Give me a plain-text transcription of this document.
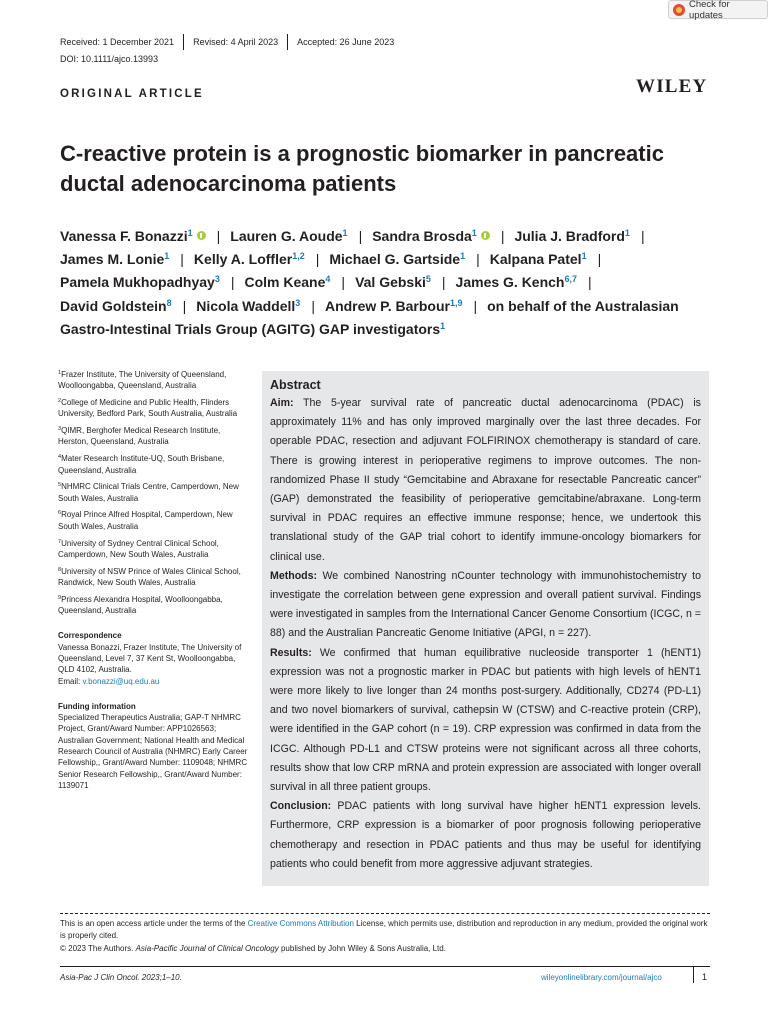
Check for updates
Received: 1 December 2021 Revised: 4 April 2023 Accepted: 26 June 2023
DOI: 10.1111/ajco.13993
ORIGINAL ARTICLE	WILEY
C-reactive protein is a prognostic biomarker in pancreatic ductal adenocarcinoma patients
Vanessa F. Bonazzi$^1$ | Lauren G. Aoude$^1$ | Sandra Brosda$^1$ | Julia J. Bradford$^1$ |
James M. Lonie$^1$ | Kelly A. Loffler$^{1,2}$ | Michael G. Gartside$^1$ | Kalpana Patel$^1$ |
Pamela Mukhopadhyay$^3$ | Colm Keane$^4$ | Val Gebski$^5$ | James G. Kench$^{6,7}$ |
David Goldstein$^8$ | Nicola Waddell$^3$ | Andrew P. Barbour$^{1,9}$ | on behalf of the Australasian Gastro-Intestinal Trials Group (AGITG) GAP investigators$^1$
$^1$Frazer Institute, The University of Queensland, Woolloongabba, Queensland, Australia
$^2$College of Medicine and Public Health, Flinders University, Bedford Park, South Australia, Australia
$^3$QIMR, Berghofer Medical Research Institute, Herston, Queensland, Australia
$^4$Mater Research Institute-UQ, South Brisbane, Queensland, Australia
$^5$NHMRC Clinical Trials Centre, Camperdown, New South Wales, Australia
$^6$Royal Prince Alfred Hospital, Camperdown, New South Wales, Australia
$^7$University of Sydney Central Clinical School, Camperdown, New South Wales, Australia
$^8$University of NSW Prince of Wales Clinical School, Randwick, New South Wales, Australia
$^9$Princess Alexandra Hospital, Woolloongabba, Queensland, Australia
Correspondence
Vanessa Bonazzi, Frazer Institute, The University of Queensland, Level 7, 37 Kent St, Woolloongabba, QLD 4102, Australia.
Email: v.bonazzi@uq.edu.au
Funding information
Specialized Therapeutics Australia; GAP-T NHMRC Project, Grant/Award Number: APP1026563; Australian Government; National Health and Medical Research Council of Australia (NHMRC) Early Career Fellowship,, Grant/Award Number: 1109048; NHMRC Senior Research Fellowship,, Grant/Award Number: 1139071
Abstract

Aim: The 5-year survival rate of pancreatic ductal adenocarcinoma (PDAC) is approximately 11% and has only improved marginally over the last three decades. For operable PDAC, resection and adjuvant FOLFIRINOX chemotherapy is standard of care. There is growing interest in perioperative regimens to improve outcomes. The non-randomized Phase II study “Gemcitabine and Abraxane for resectable Pancreatic cancer” (GAP) demonstrated the feasibility of perioperative gemcitabine/abraxane. Long-term survival in PDAC requires an effective immune response; hence, we undertook this translational study of the GAP trial cohort to identify immune-oncology biomarkers for clinical use.

Methods: We combined Nanostring nCounter technology with immunohistochemistry to investigate the correlation between gene expression and overall patient survival. Findings were investigated in samples from the International Cancer Genome Consortium (ICGC, n = 88) and the Australian Pancreatic Genome Initiative (APGI, n = 227).

Results: We confirmed that human equilibrative nucleoside transporter 1 (hENT1) expression was not a prognostic marker in PDAC but patients with high levels of hENT1 were more likely to live longer than 24 months post-surgery. Additionally, CD274 (PD-L1) and two novel biomarkers of survival, cathepsin W (CTSW) and C-reactive protein (CRP), were identified in the GAP cohort (n = 19). CRP expression was confirmed in data from the ICGC. Although PD-L1 and CTSW proteins were not significant across all three cohorts, results show that low CRP mRNA and protein expression are associated with longer overall survival in all three patient groups.

Conclusion: PDAC patients with long survival have higher hENT1 expression levels. Furthermore, CRP expression is a biomarker of poor prognosis following perioperative chemotherapy and resection in PDAC patients and thus may be useful for identifying patients who could benefit from more aggressive adjuvant strategies.

This is an open access article under the terms of the Creative Commons Attribution License, which permits use, distribution and reproduction in any medium, provided the original work is properly cited.
© 2023 The Authors. Asia-Pacific Journal of Clinical Oncology published by John Wiley & Sons Australia, Ltd.
Asia-Pac J Clin Oncol. 2023;1–10.	wileyonlinelibrary.com/journal/ajco	1
